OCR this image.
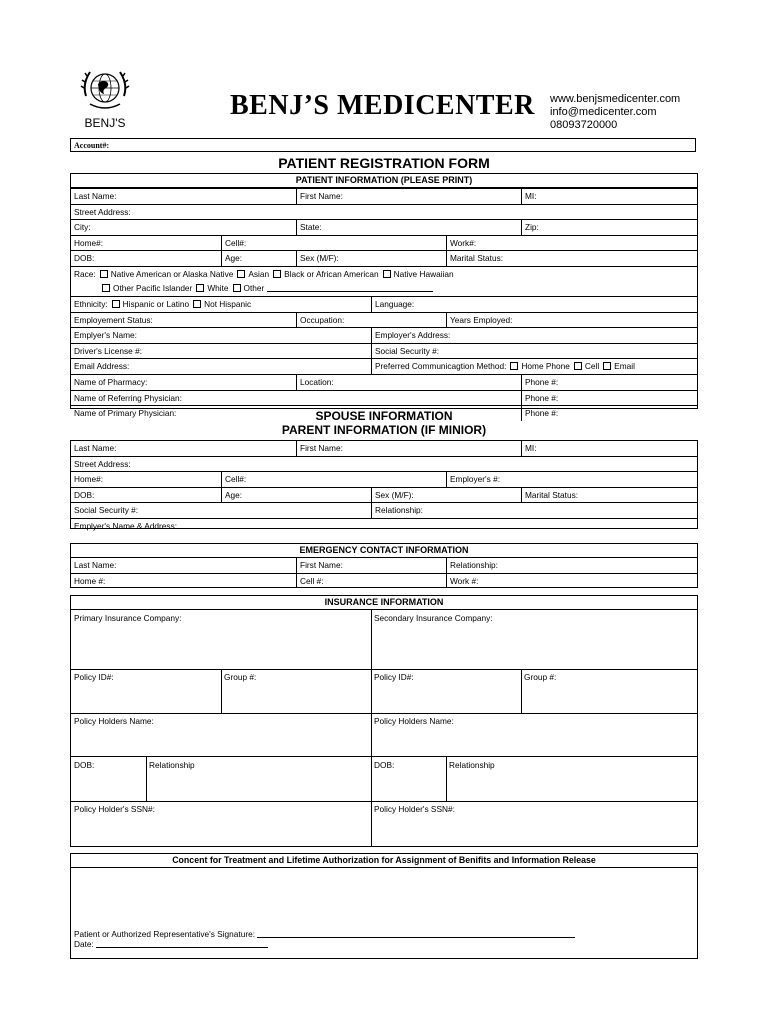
BENJ'S
BENJ’S MEDICENTER www.benjsmedicenter.com
info@medicenter.com
08093720000
Account#:
PATIENT REGISTRATION FORM
PATIENT INFORMATION (PLEASE PRINT)
Last Name:	First Name:	MI:
Street Address:
City:	State:	Zip:
Home#:	Cell#:	Work#:
DOB:	Age:	Sex (M/F):	Marital Status:
Race: Native American or Alaska Native Asian Black or African American Native Hawaiian
Other Pacific Islander White Other
Ethnicity: Hispanic or Latino Not Hispanic	Language:
Employement Status:	Occupation:	Years Employed:
Emplyer's Name:	Employer's Address:
Driver's License #:	Social Security #:
Email Address:	Preferred Communicagtion Method: Home Phone Cell Email
Name of Pharmacy:	Location:	Phone #:
Name of Referring Physician:	Phone #:
Name of Primary Physician:	Phone #:
SPOUSE INFORMATION
PARENT INFORMATION (IF MINIOR)
Last Name:	First Name:	MI:
Street Address:
Home#:	Cell#:	Employer's #:
DOB:	Age:	Sex (M/F):	Marital Status:
Social Security #:	Relationship:
Emplyer's Name & Address:
EMERGENCY CONTACT INFORMATION
Last Name:	First Name:	Relationship:
Home #:	Cell #:	Work #:
INSURANCE INFORMATION
Primary Insurance Company:	Secondary Insurance Company:
Policy ID#:	Group #:	Policy ID#:	Group #:
Policy Holders Name:	Policy Holders Name:
DOB:	Relationship	DOB:	Relationship
Policy Holder's SSN#:	Policy Holder's SSN#:
Concent for Treatment and Lifetime Authorization for Assignment of Benifits and Information Release
Patient or Authorized Representative's Signature:
Date:
